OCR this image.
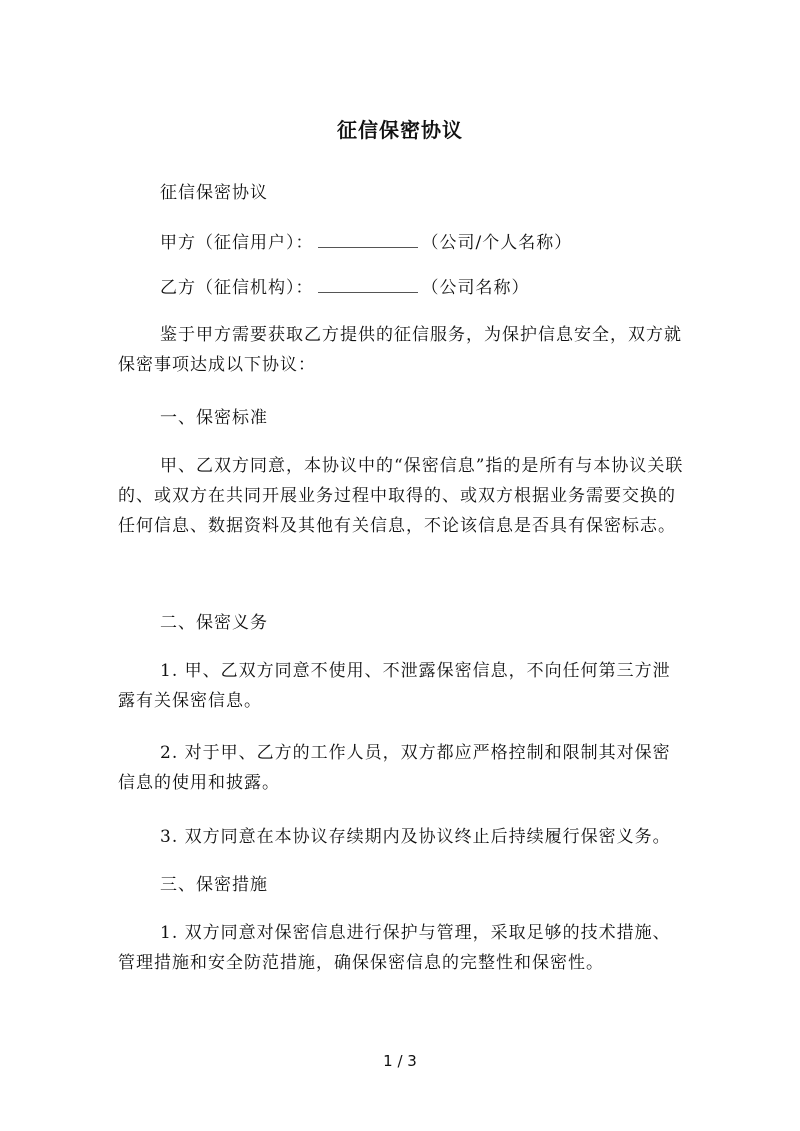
征信保密协议
征信保密协议
甲方（征信用户）：	（公司/个人名称）
乙方（征信机构）：	（公司名称）
鉴于甲方需要获取乙方提供的征信服务，为保护信息安全，双方就保密事项达成以下协议：
一、保密标准
甲、乙双方同意，本协议中的“保密信息”指的是所有与本协议关联的、或双方在共同开展业务过程中取得的、或双方根据业务需要交换的任何信息、数据资料及其他有关信息，不论该信息是否具有保密标志。
二、保密义务
1. 甲、乙双方同意不使用、不泄露保密信息，不向任何第三方泄露有关保密信息。
2. 对于甲、乙方的工作人员，双方都应严格控制和限制其对保密信息的使用和披露。
3. 双方同意在本协议存续期内及协议终止后持续履行保密义务。
三、保密措施
1. 双方同意对保密信息进行保护与管理，采取足够的技术措施、管理措施和安全防范措施，确保保密信息的完整性和保密性。
1 / 3
